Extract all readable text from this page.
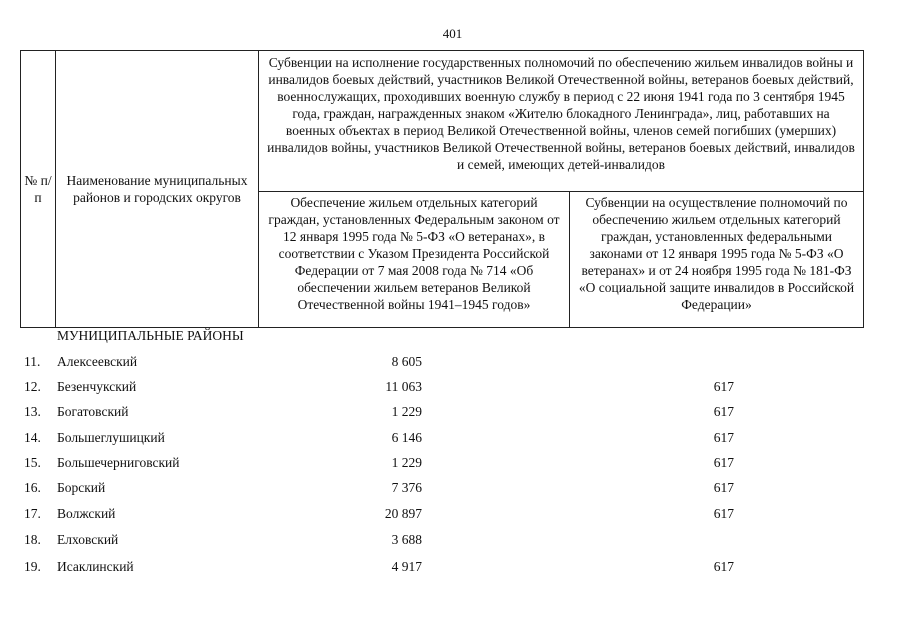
401
№ п/п
Наименование муниципальных районов и городских округов
Субвенции на исполнение государственных полномочий по обеспечению жильем инвалидов войны и инвалидов боевых действий, участников Великой Отечественной войны, ветеранов боевых действий, военнослужащих, проходивших военную службу в период с 22 июня 1941 года по 3 сентября 1945 года, граждан, награжденных знаком «Жителю блокадного Ленинграда», лиц, работавших на военных объектах в период Великой Отечественной войны, членов семей погибших (умерших) инвалидов войны, участников Великой Отечественной войны, ветеранов боевых действий, инвалидов и семей, имеющих детей-инвалидов
Обеспечение жильем отдельных категорий граждан, установленных Федеральным законом от 12 января 1995 года № 5-ФЗ «О ветеранах», в соответствии с Указом Президента Российской Федерации от 7 мая 2008 года № 714 «Об обеспечении жильем ветеранов Великой Отечественной войны 1941–1945 годов»
Субвенции на осуществление полномочий по обеспечению жильем отдельных категорий граждан, установленных федеральными законами от 12 января 1995 года № 5-ФЗ «О ветеранах» и от 24 ноября 1995 года № 181-ФЗ «О социальной защите инвалидов в Российской Федерации»
МУНИЦИПАЛЬНЫЕ РАЙОНЫ
11. Алексеевский	8 605
12. Безенчукский	11 063	617
13. Богатовский	1 229	617
14. Большеглушицкий	6 146	617
15. Большечерниговский	1 229	617
16. Борский	7 376	617
17. Волжский	20 897	617
18. Елховский	3 688
19. Исаклинский	4 917	617
